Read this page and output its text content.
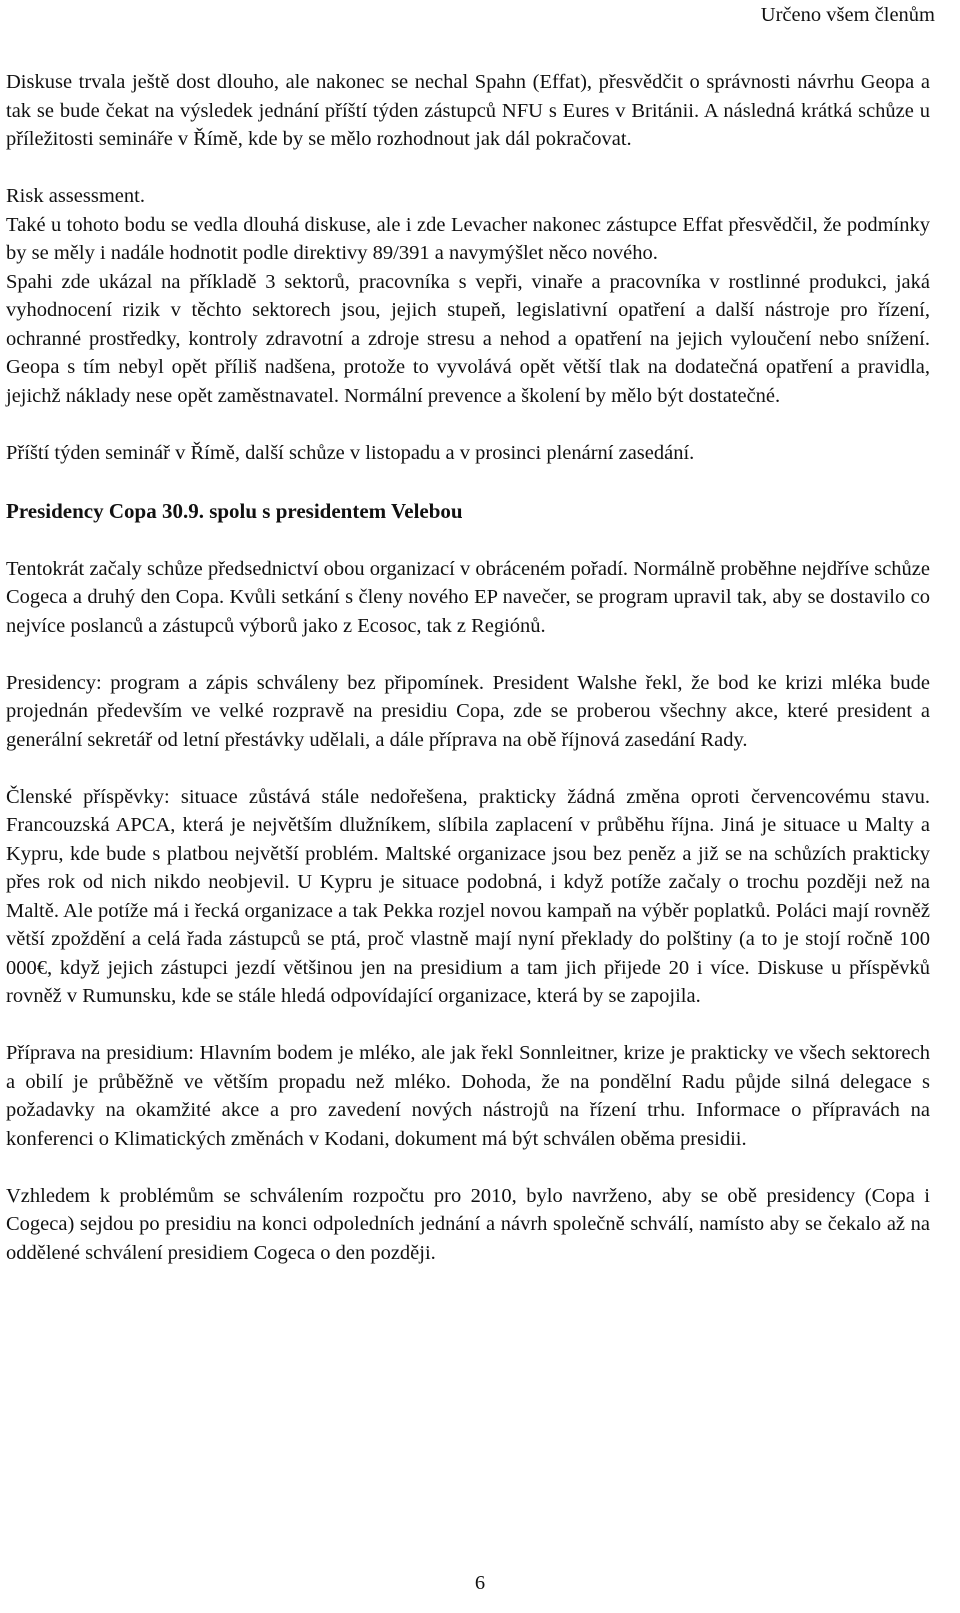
Určeno všem členům

Diskuse trvala ještě dost dlouho, ale nakonec se nechal Spahn (Effat), přesvědčit o správnosti návrhu Geopa a tak se bude čekat na výsledek jednání příští týden zástupců NFU s Eures v Británii. A následná krátká schůze u příležitosti semináře v Římě, kde by se mělo rozhodnout jak dál pokračovat.

Risk assessment.

Také u tohoto bodu se vedla dlouhá diskuse, ale i zde Levacher nakonec zástupce Effat přesvědčil, že podmínky by se měly i nadále hodnotit podle direktivy 89/391 a navymýšlet něco nového.

Spahi zde ukázal na příkladě 3 sektorů, pracovníka s vepři, vinaře a pracovníka v rostlinné produkci, jaká vyhodnocení rizik v těchto sektorech jsou, jejich stupeň, legislativní opatření a další nástroje pro řízení, ochranné prostředky, kontroly zdravotní a zdroje stresu a nehod a opatření na jejich vyloučení nebo snížení. Geopa s tím nebyl opět příliš nadšena, protože to vyvolává opět větší tlak na dodatečná opatření a pravidla, jejichž náklady nese opět zaměstnavatel. Normální prevence a školení by mělo být dostatečné.

Příští týden seminář v Římě, další schůze v listopadu a v prosinci plenární zasedání.

Presidency Copa 30.9. spolu s presidentem Velebou

Tentokrát začaly schůze předsednictví obou organizací v obráceném pořadí. Normálně proběhne nejdříve schůze Cogeca a druhý den Copa. Kvůli setkání s členy nového EP navečer, se program upravil tak, aby se dostavilo co nejvíce poslanců a zástupců výborů jako z Ecosoc, tak z Regiónů.

Presidency: program a zápis schváleny bez připomínek. President Walshe řekl, že bod ke krizi mléka bude projednán především ve velké rozpravě na presidiu Copa, zde se proberou všechny akce, které president a generální sekretář od letní přestávky udělali, a dále příprava na obě říjnová zasedání Rady.

Členské příspěvky: situace zůstává stále nedořešena, prakticky žádná změna oproti červencovému stavu. Francouzská APCA, která je největším dlužníkem, slíbila zaplacení v průběhu října. Jiná je situace u Malty a Kypru, kde bude s platbou největší problém. Maltské organizace jsou bez peněz a již se na schůzích prakticky přes rok od nich nikdo neobjevil. U Kypru je situace podobná, i když potíže začaly o trochu později než na Maltě. Ale potíže má i řecká organizace a tak Pekka rozjel novou kampaň na výběr poplatků. Poláci mají rovněž větší zpoždění a celá řada zástupců se ptá, proč vlastně mají nyní překlady do polštiny (a to je stojí ročně 100 000€, když jejich zástupci jezdí většinou jen na presidium a tam jich přijede 20 i více. Diskuse u příspěvků rovněž v Rumunsku, kde se stále hledá odpovídající organizace, která by se zapojila.

Příprava na presidium: Hlavním bodem je mléko, ale jak řekl Sonnleitner, krize je prakticky ve všech sektorech a obilí je průběžně ve větším propadu než mléko. Dohoda, že na pondělní Radu půjde silná delegace s požadavky na okamžité akce a pro zavedení nových nástrojů na řízení trhu. Informace o přípravách na konferenci o Klimatických změnách v Kodani, dokument má být schválen oběma presidii.

Vzhledem k problémům se schválením rozpočtu pro 2010, bylo navrženo, aby se obě presidency (Copa i Cogeca) sejdou po presidiu na konci odpoledních jednání a návrh společně schválí, namísto aby se čekalo až na oddělené schválení presidiem Cogeca o den později.

6
